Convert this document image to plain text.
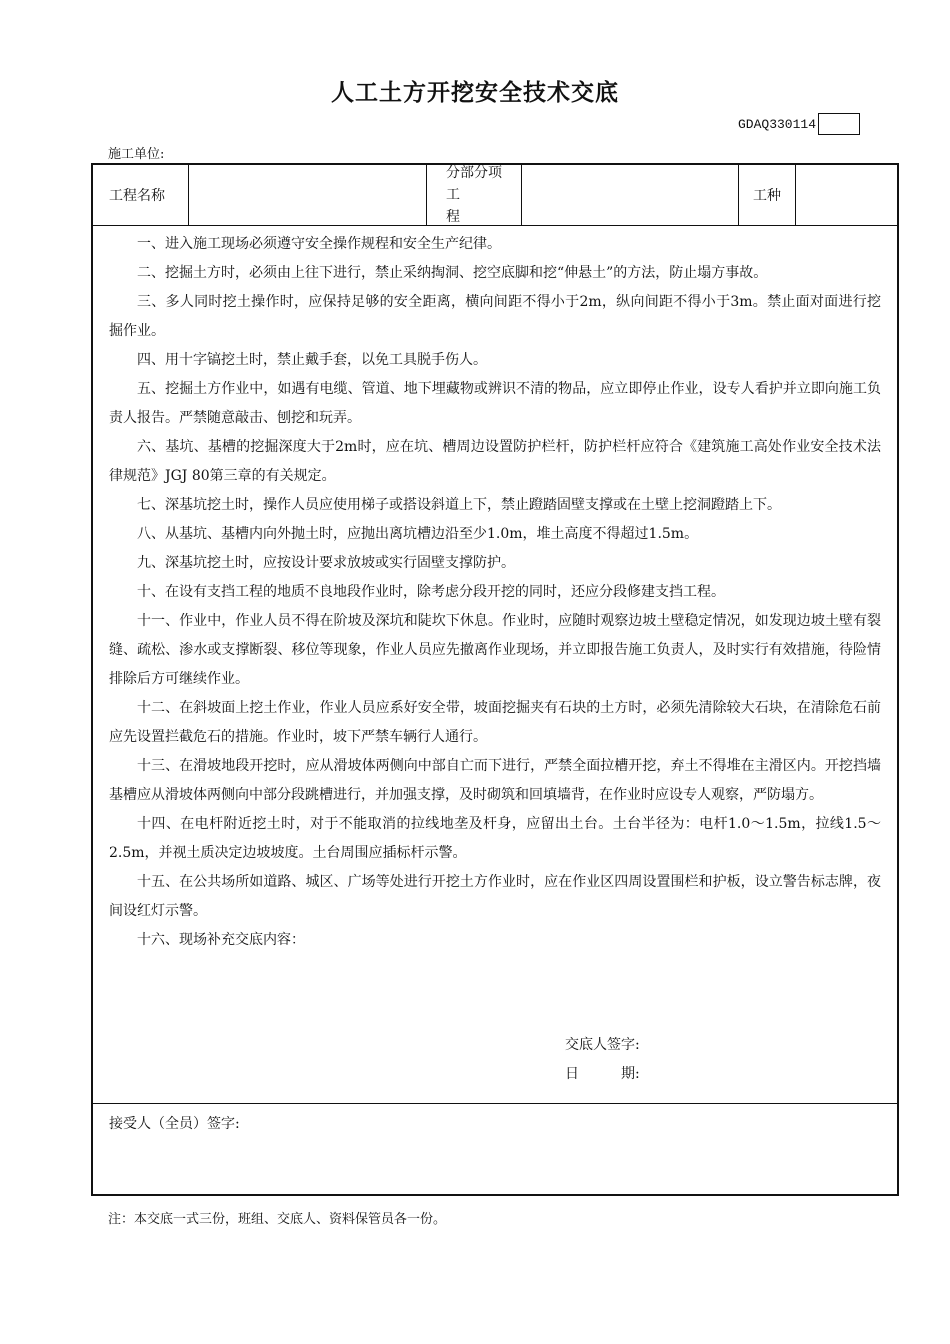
人工土方开挖安全技术交底
GDAQ330114
施工单位:
工程名称
分部分项
工程
工种

一、进入施工现场必须遵守安全操作规程和安全生产纪律。

二、挖掘土方时，必须由上往下进行，禁止采纳掏洞、挖空底脚和挖“伸悬土”的方法，防止塌方事故。

三、多人同时挖土操作时，应保持足够的安全距离，横向间距不得小于2m，纵向间距不得小于3m。禁止面对面进行挖掘作业。

四、用十字镐挖土时，禁止戴手套，以免工具脱手伤人。

五、挖掘土方作业中，如遇有电缆、管道、地下埋藏物或辨识不清的物品，应立即停止作业，设专人看护并立即向施工负责人报告。严禁随意敲击、刨挖和玩弄。

六、基坑、基槽的挖掘深度大于2m时，应在坑、槽周边设置防护栏杆，防护栏杆应符合《建筑施工高处作业安全技术法律规范》JGJ 80第三章的有关规定。

七、深基坑挖土时，操作人员应使用梯子或搭设斜道上下，禁止蹬踏固壁支撑或在土壁上挖洞蹬踏上下。

八、从基坑、基槽内向外抛土时，应抛出离坑槽边沿至少1.0m，堆土高度不得超过1.5m。

九、深基坑挖土时，应按设计要求放坡或实行固壁支撑防护。

十、在设有支挡工程的地质不良地段作业时，除考虑分段开挖的同时，还应分段修建支挡工程。

十一、作业中，作业人员不得在阶坡及深坑和陡坎下休息。作业时，应随时观察边坡土壁稳定情况，如发现边坡土壁有裂缝、疏松、渗水或支撑断裂、移位等现象，作业人员应先撤离作业现场，并立即报告施工负责人，及时实行有效措施，待险情排除后方可继续作业。

十二、在斜坡面上挖土作业，作业人员应系好安全带，坡面挖掘夹有石块的土方时，必须先清除较大石块，在清除危石前应先设置拦截危石的措施。作业时，坡下严禁车辆行人通行。

十三、在滑坡地段开挖时，应从滑坡体两侧向中部自亡而下进行，严禁全面拉槽开挖，弃土不得堆在主滑区内。开挖挡墙基槽应从滑坡体两侧向中部分段跳槽进行，并加强支撑，及时砌筑和回填墙背，在作业时应设专人观察，严防塌方。

十四、在电杆附近挖土时，对于不能取消的拉线地垄及杆身，应留出土台。土台半径为：电杆1.0～1.5m，拉线1.5～2.5m，并视土质决定边坡坡度。土台周围应插标杆示警。

十五、在公共场所如道路、城区、广场等处进行开挖土方作业时，应在作业区四周设置围栏和护板，设立警告标志牌，夜间设红灯示警。

十六、现场补充交底内容：

交底人签字:
日　　　期:
接受人（全员）签字:
注：本交底一式三份，班组、交底人、资料保管员各一份。
